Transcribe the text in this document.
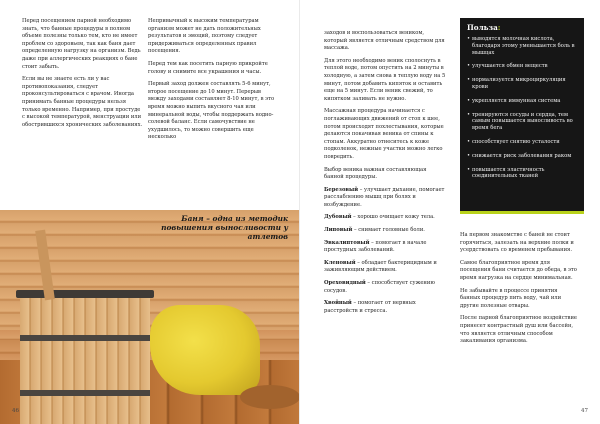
Перед посещением парной необходимо знать, что банные процедуры в полном объеме полезны только тем, кто не имеет проблем со здоровьем, так как баня дает определенную нагрузку на организм. Ведь даже при аллергических реакциях о бане стоит забыть.

Если вы не знаете есть ли у вас противопоказания, следует проконсультироваться с врачом. Иногда принимать банные процедуры нельзя только временно. Например, при простуде с высокой температурой, менструации или обострившихся хронических заболеваниях.

Непривычный к высоким температурам организм может не дать положительных результатов и эмоций, поэтому следует придерживаться определенных правил посещения.

Перед тем как посетить парную прикройте голову и снимите все украшения и часы.

Первый заход должен составлять 5-6 минут, второе посещение до 10 минут. Перерыв между заходами составляет 8-10 минут, в это время можно выпить вкусного чая или минеральной воды, чтобы поддержать водно-солевой баланс. Если самочувствие не ухудшилось, то можно совершить еще несколько

Баня – одна из методик повышения выносливости у атлетов
46

заходов и воспользоваться веником, который является отличным средством для массажа.

Для этого необходимо веник сполоснуть в теплой воде, потом опустить на 2 минуты в холодную, а затем снова в теплую воду на 5 минут, потом добавить кипяток и оставить еще на 5 минут. Если веник свежий, то кипятком заливать не нужно.

Массажная процедура начинается с поглаживающих движений от стоп к шее, потом происходят похлестывания, которые делаются покачивая веника от спины к стопам. Аккуратно отнеситесь к коже подколенок, нежные участки можно легко повредить.

Выбор веника важная составляющая банной процедуры.

Березовый – улучшает дыхание, помогает расслаблению мышц при болях и возбуждение.

Дубовый – хорошо очищает кожу тела.

Липовый – снимает головные боли.

Эвкалиптовый – помогает в начале простудных заболеваний.

Кленовый – обладает бактерицидным и заживляющим действием.

Ореховидный – способствует сужению сосудов.

Хвойный – помогает от нервных расстройств и стресса.

Польза:
• выводятся молочная кислота, благодаря этому уменьшается боль в мышцах
• улучшается обмен веществ
• нормализуется микроциркуляция крови
• укрепляется иммунная система
• тренируются сосуды и сердца, тем самым повышается выносливость во время бега
• способствует снятию усталости
• снижается риск заболевания раком
• повышается эластичность соединительных тканей

На первом знакомстве с баней не стоит горячиться, залезать на верхние полки и усердствовать со временем пребывания.

Самое благоприятное время для посещения бани считается до обеда, в это время нагрузка на сердце минимальная.

Не забывайте в процессе принятия банных процедур пить воду, чай или другие полезные отвары.

После парной благоприятное воздействие принесет контрастный душ или бассейн, что является отличным способом закаливания организма.

47
